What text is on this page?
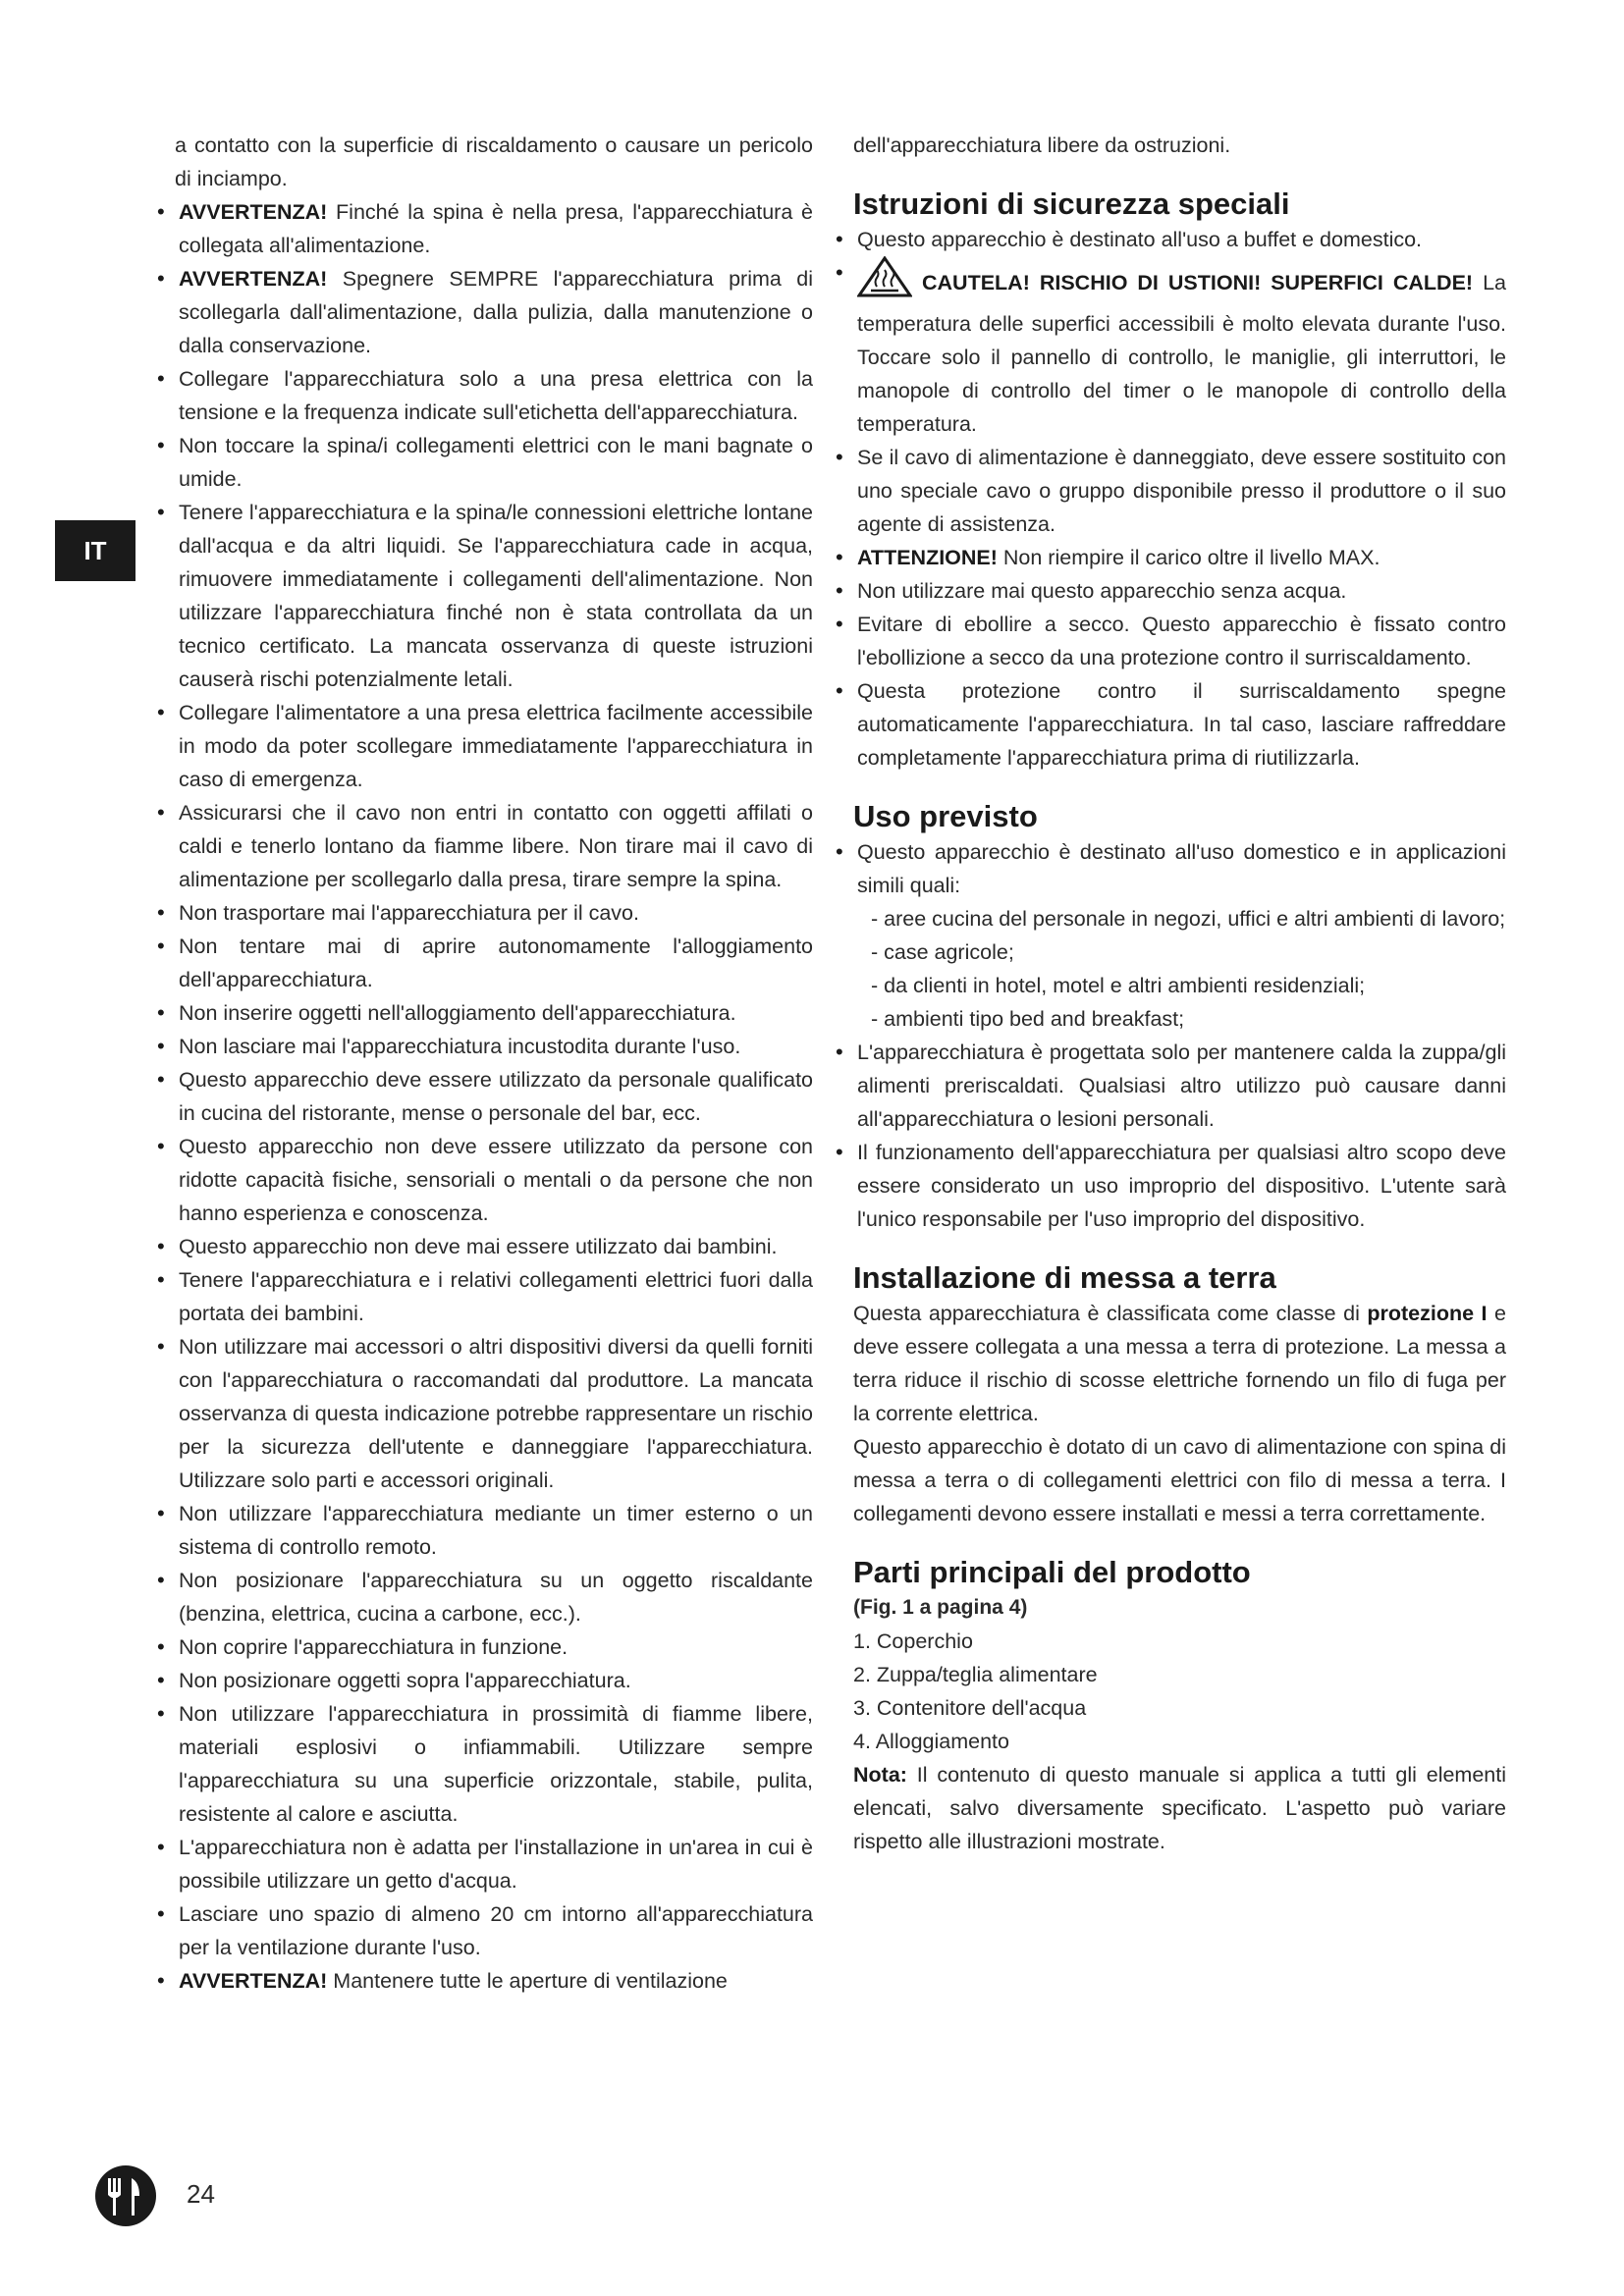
IT

a contatto con la superficie di riscaldamento o causare un pericolo di inciampo.

• AVVERTENZA! Finché la spina è nella presa, l'apparecchiatura è collegata all'alimentazione.
• AVVERTENZA! Spegnere SEMPRE l'apparecchiatura prima di scollegarla dall'alimentazione, dalla pulizia, dalla manutenzione o dalla conservazione.
• Collegare l'apparecchiatura solo a una presa elettrica con la tensione e la frequenza indicate sull'etichetta dell'apparecchiatura.
• Non toccare la spina/i collegamenti elettrici con le mani bagnate o umide.
• Tenere l'apparecchiatura e la spina/le connessioni elettriche lontane dall'acqua e da altri liquidi. Se l'apparecchiatura cade in acqua, rimuovere immediatamente i collegamenti dell'alimentazione. Non utilizzare l'apparecchiatura finché non è stata controllata da un tecnico certificato. La mancata osservanza di queste istruzioni causerà rischi potenzialmente letali.
• Collegare l'alimentatore a una presa elettrica facilmente accessibile in modo da poter scollegare immediatamente l'apparecchiatura in caso di emergenza.
• Assicurarsi che il cavo non entri in contatto con oggetti affilati o caldi e tenerlo lontano da fiamme libere. Non tirare mai il cavo di alimentazione per scollegarlo dalla presa, tirare sempre la spina.
• Non trasportare mai l'apparecchiatura per il cavo.
• Non tentare mai di aprire autonomamente l'alloggiamento dell'apparecchiatura.
• Non inserire oggetti nell'alloggiamento dell'apparecchiatura.
• Non lasciare mai l'apparecchiatura incustodita durante l'uso.
• Questo apparecchio deve essere utilizzato da personale qualificato in cucina del ristorante, mense o personale del bar, ecc.
• Questo apparecchio non deve essere utilizzato da persone con ridotte capacità fisiche, sensoriali o mentali o da persone che non hanno esperienza e conoscenza.
• Questo apparecchio non deve mai essere utilizzato dai bambini.
• Tenere l'apparecchiatura e i relativi collegamenti elettrici fuori dalla portata dei bambini.
• Non utilizzare mai accessori o altri dispositivi diversi da quelli forniti con l'apparecchiatura o raccomandati dal produttore. La mancata osservanza di questa indicazione potrebbe rappresentare un rischio per la sicurezza dell'utente e danneggiare l'apparecchiatura. Utilizzare solo parti e accessori originali.
• Non utilizzare l'apparecchiatura mediante un timer esterno o un sistema di controllo remoto.
• Non posizionare l'apparecchiatura su un oggetto riscaldante (benzina, elettrica, cucina a carbone, ecc.).
• Non coprire l'apparecchiatura in funzione.
• Non posizionare oggetti sopra l'apparecchiatura.
• Non utilizzare l'apparecchiatura in prossimità di fiamme libere, materiali esplosivi o infiammabili. Utilizzare sempre l'apparecchiatura su una superficie orizzontale, stabile, pulita, resistente al calore e asciutta.
• L'apparecchiatura non è adatta per l'installazione in un'area in cui è possibile utilizzare un getto d'acqua.
• Lasciare uno spazio di almeno 20 cm intorno all'apparecchiatura per la ventilazione durante l'uso.
• AVVERTENZA! Mantenere tutte le aperture di ventilazione

dell'apparecchiatura libere da ostruzioni.

Istruzioni di sicurezza speciali
• Questo apparecchio è destinato all'uso a buffet e domestico.
• CAUTELA! RISCHIO DI USTIONI! SUPERFICI CALDE! La temperatura delle superfici accessibili è molto elevata durante l'uso. Toccare solo il pannello di controllo, le maniglie, gli interruttori, le manopole di controllo del timer o le manopole di controllo della temperatura.
• Se il cavo di alimentazione è danneggiato, deve essere sostituito con uno speciale cavo o gruppo disponibile presso il produttore o il suo agente di assistenza.
• ATTENZIONE! Non riempire il carico oltre il livello MAX.
• Non utilizzare mai questo apparecchio senza acqua.
• Evitare di ebollire a secco. Questo apparecchio è fissato contro l'ebollizione a secco da una protezione contro il surriscaldamento.
• Questa protezione contro il surriscaldamento spegne automaticamente l'apparecchiatura. In tal caso, lasciare raffreddare completamente l'apparecchiatura prima di riutilizzarla.
Uso previsto
• Questo apparecchio è destinato all'uso domestico e in applicazioni simili quali:

- aree cucina del personale in negozi, uffici e altri ambienti di lavoro;

- case agricole;

- da clienti in hotel, motel e altri ambienti residenziali;

- ambienti tipo bed and breakfast;

• L'apparecchiatura è progettata solo per mantenere calda la zuppa/gli alimenti preriscaldati. Qualsiasi altro utilizzo può causare danni all'apparecchiatura o lesioni personali.
• Il funzionamento dell'apparecchiatura per qualsiasi altro scopo deve essere considerato un uso improprio del dispositivo. L'utente sarà l'unico responsabile per l'uso improprio del dispositivo.
Installazione di messa a terra

Questa apparecchiatura è classificata come classe di protezione I e deve essere collegata a una messa a terra di protezione. La messa a terra riduce il rischio di scosse elettriche fornendo un filo di fuga per la corrente elettrica.

Questo apparecchio è dotato di un cavo di alimentazione con spina di messa a terra o di collegamenti elettrici con filo di messa a terra. I collegamenti devono essere installati e messi a terra correttamente.

Parti principali del prodotto

(Fig. 1 a pagina 4)

1. Coperchio

2. Zuppa/teglia alimentare

3. Contenitore dell'acqua

4. Alloggiamento

Nota: Il contenuto di questo manuale si applica a tutti gli elementi elencati, salvo diversamente specificato. L'aspetto può variare rispetto alle illustrazioni mostrate.

24
